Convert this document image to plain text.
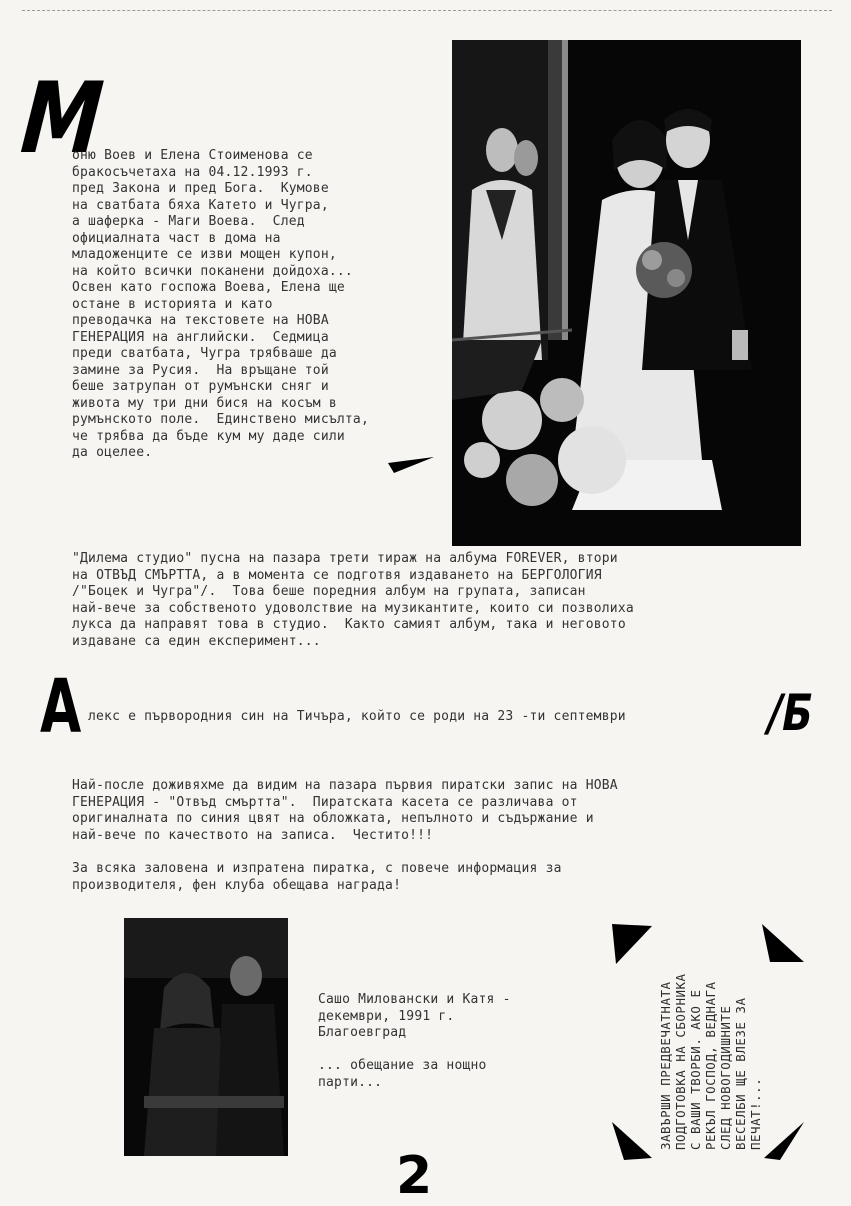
М

оню Воев и Елена Стоименова се
бракосъчетаха на 04.12.1993 г.
пред Закона и пред Бога.  Кумове
на сватбата бяха Катето и Чугра,
а шаферка - Маги Воева.  След
официалната част в дома на
младоженците се изви мощен купон,
на който всички поканени дойдоха...
Освен като госпожа Воева, Елена ще
остане в историята и като
преводачка на текстовете на НОВА
ГЕНЕРАЦИЯ на английски.  Седмица
преди сватбата, Чугра трябваше да
замине за Русия.  На връщане той
беше затрупан от румънски сняг и
живота му три дни бися на косъм в
румънското поле.  Единствено мисълта,
че трябва да бъде кум му даде сили
да оцелее.

"Дилема студио" пусна на пазара трети тираж на албума FOREVER, втори
на ОТВЪД СМЪРТТА, а в момента се подготвя издаването на БЕРГОЛОГИЯ
/"Боцек и Чугра"/.  Това беше поредния албум на групата, записан
най-вече за собственото удоволствие на музикантите, които си позволиха
лукса да направят това в студио.  Както самият албум, така и неговото
издаване са един експеримент...

А лекс е първородния син на Тичъра, който се роди на 23 -ти септември	/Б

Най-после доживяхме да видим на пазара първия пиратски запис на НОВА
ГЕНЕРАЦИЯ - "Отвъд смъртта".  Пиратската касета се различава от
оригиналната по синия цвят на обложката, непълното и съдържание и
най-вече по качеството на записа.  Честито!!!

За всяка заловена и изпратена пиратка, с повече информация за
производителя, фен клуба обещава награда!

Сашо Миловански и Катя -
декември, 1991 г.
Благоевград

... обещание за нощно
парти...

ЗАВЪРШИ ПРЕДВЕЧАТНАТА
ПОДГОТОВКА НА СБОРНИКА
С ВАШИ ТВОРБИ. АКО Е
РЕКЪЛ ГОСПОД, ВЕДНАГА
СЛЕД НОВОГОДИШНИТЕ
ВЕСЕЛБИ ЩЕ ВЛЕЗЕ ЗА
ПЕЧАТ!...
2
